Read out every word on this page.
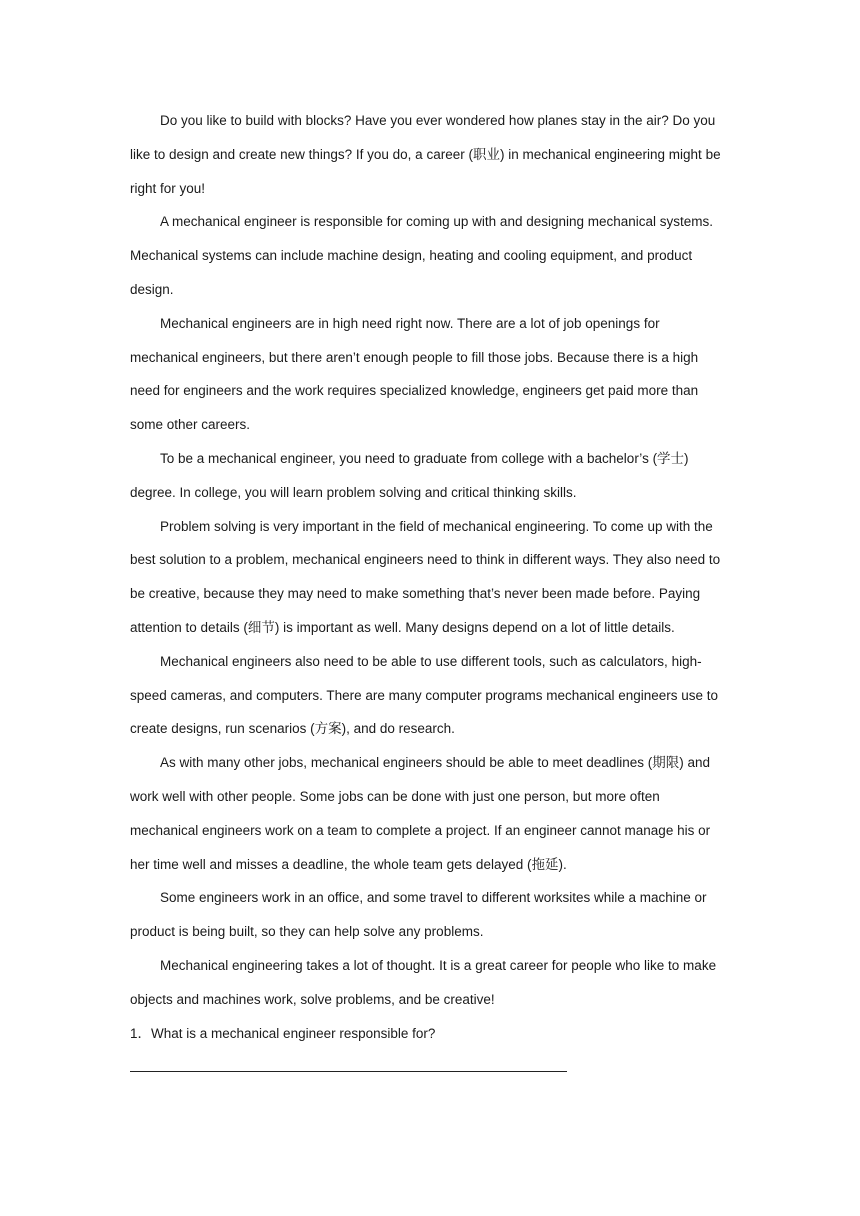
Do you like to build with blocks? Have you ever wondered how planes stay in the air? Do you like to design and create new things? If you do, a career (职业) in mechanical engineering might be right for you!

A mechanical engineer is responsible for coming up with and designing mechanical systems. Mechanical systems can include machine design, heating and cooling equipment, and product design.

Mechanical engineers are in high need right now. There are a lot of job openings for mechanical engineers, but there aren’t enough people to fill those jobs. Because there is a high need for engineers and the work requires specialized knowledge, engineers get paid more than some other careers.

To be a mechanical engineer, you need to graduate from college with a bachelor’s (学士) degree. In college, you will learn problem solving and critical thinking skills.

Problem solving is very important in the field of mechanical engineering. To come up with the best solution to a problem, mechanical engineers need to think in different ways. They also need to be creative, because they may need to make something that’s never been made before. Paying attention to details (细节) is important as well. Many designs depend on a lot of little details.

Mechanical engineers also need to be able to use different tools, such as calculators, high-speed cameras, and computers. There are many computer programs mechanical engineers use to create designs, run scenarios (方案), and do research.

As with many other jobs, mechanical engineers should be able to meet deadlines (期限) and work well with other people. Some jobs can be done with just one person, but more often mechanical engineers work on a team to complete a project. If an engineer cannot manage his or her time well and misses a deadline, the whole team gets delayed (拖延).

Some engineers work in an office, and some travel to different worksites while a machine or product is being built, so they can help solve any problems.

Mechanical engineering takes a lot of thought. It is a great career for people who like to make objects and machines work, solve problems, and be creative!

1．What is a mechanical engineer responsible for?
